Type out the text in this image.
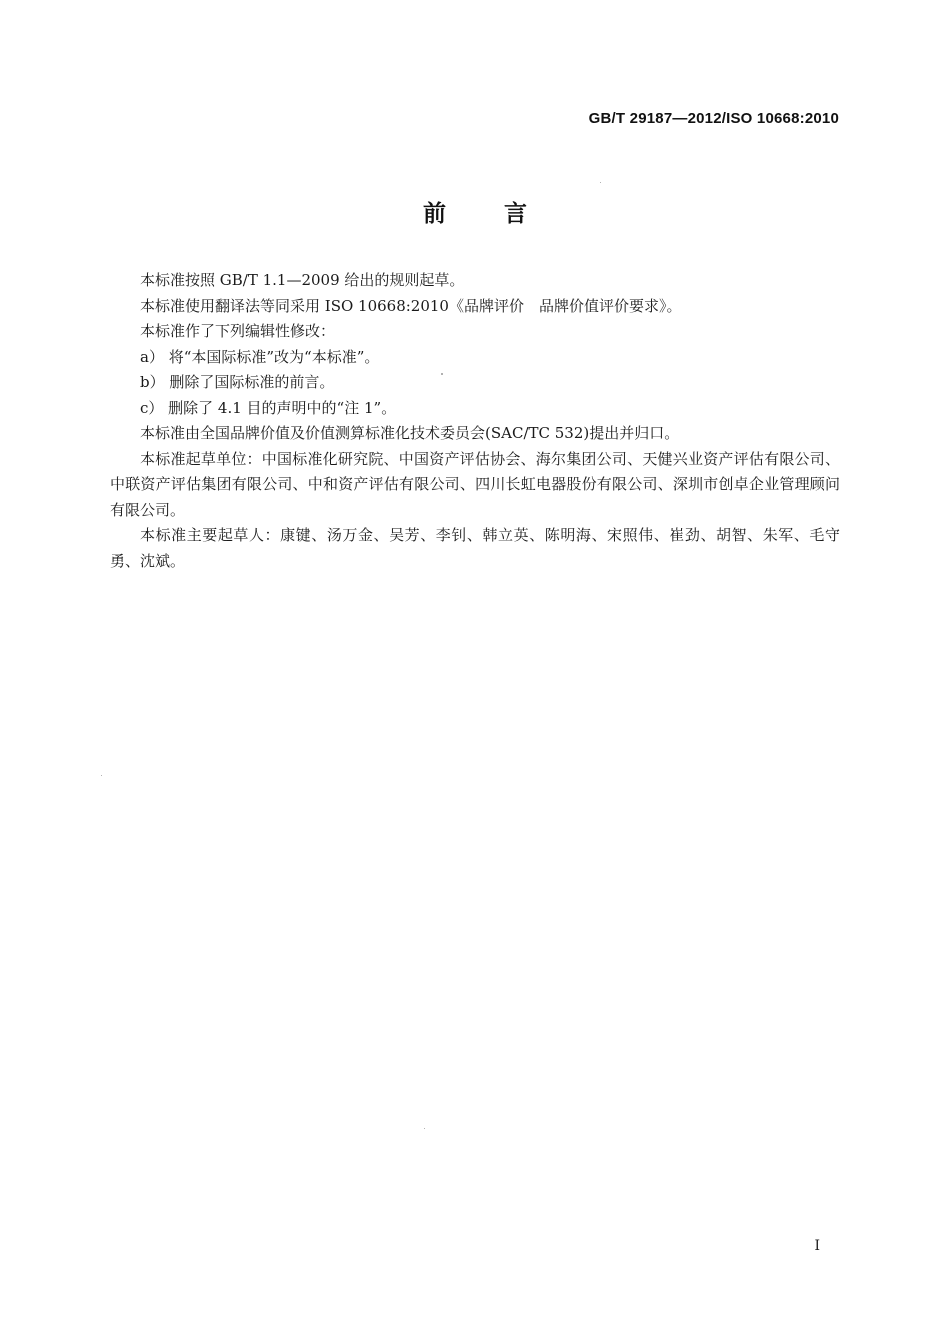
GB/T 29187—2012/ISO 10668:2010
前言

本标准按照 GB/T 1.1—2009 给出的规则起草。

本标准使用翻译法等同采用 ISO 10668:2010《品牌评价　品牌价值评价要求》。

本标准作了下列编辑性修改：

a） 将“本国际标准”改为“本标准”。

b） 删除了国际标准的前言。

c） 删除了 4.1 目的声明中的“注 1”。

本标准由全国品牌价值及价值测算标准化技术委员会(SAC/TC 532)提出并归口。

本标准起草单位：中国标准化研究院、中国资产评估协会、海尔集团公司、天健兴业资产评估有限公司、中联资产评估集团有限公司、中和资产评估有限公司、四川长虹电器股份有限公司、深圳市创卓企业管理顾问有限公司。

本标准主要起草人：康键、汤万金、吴芳、李钊、韩立英、陈明海、宋照伟、崔劲、胡智、朱军、毛守勇、沈斌。

I
